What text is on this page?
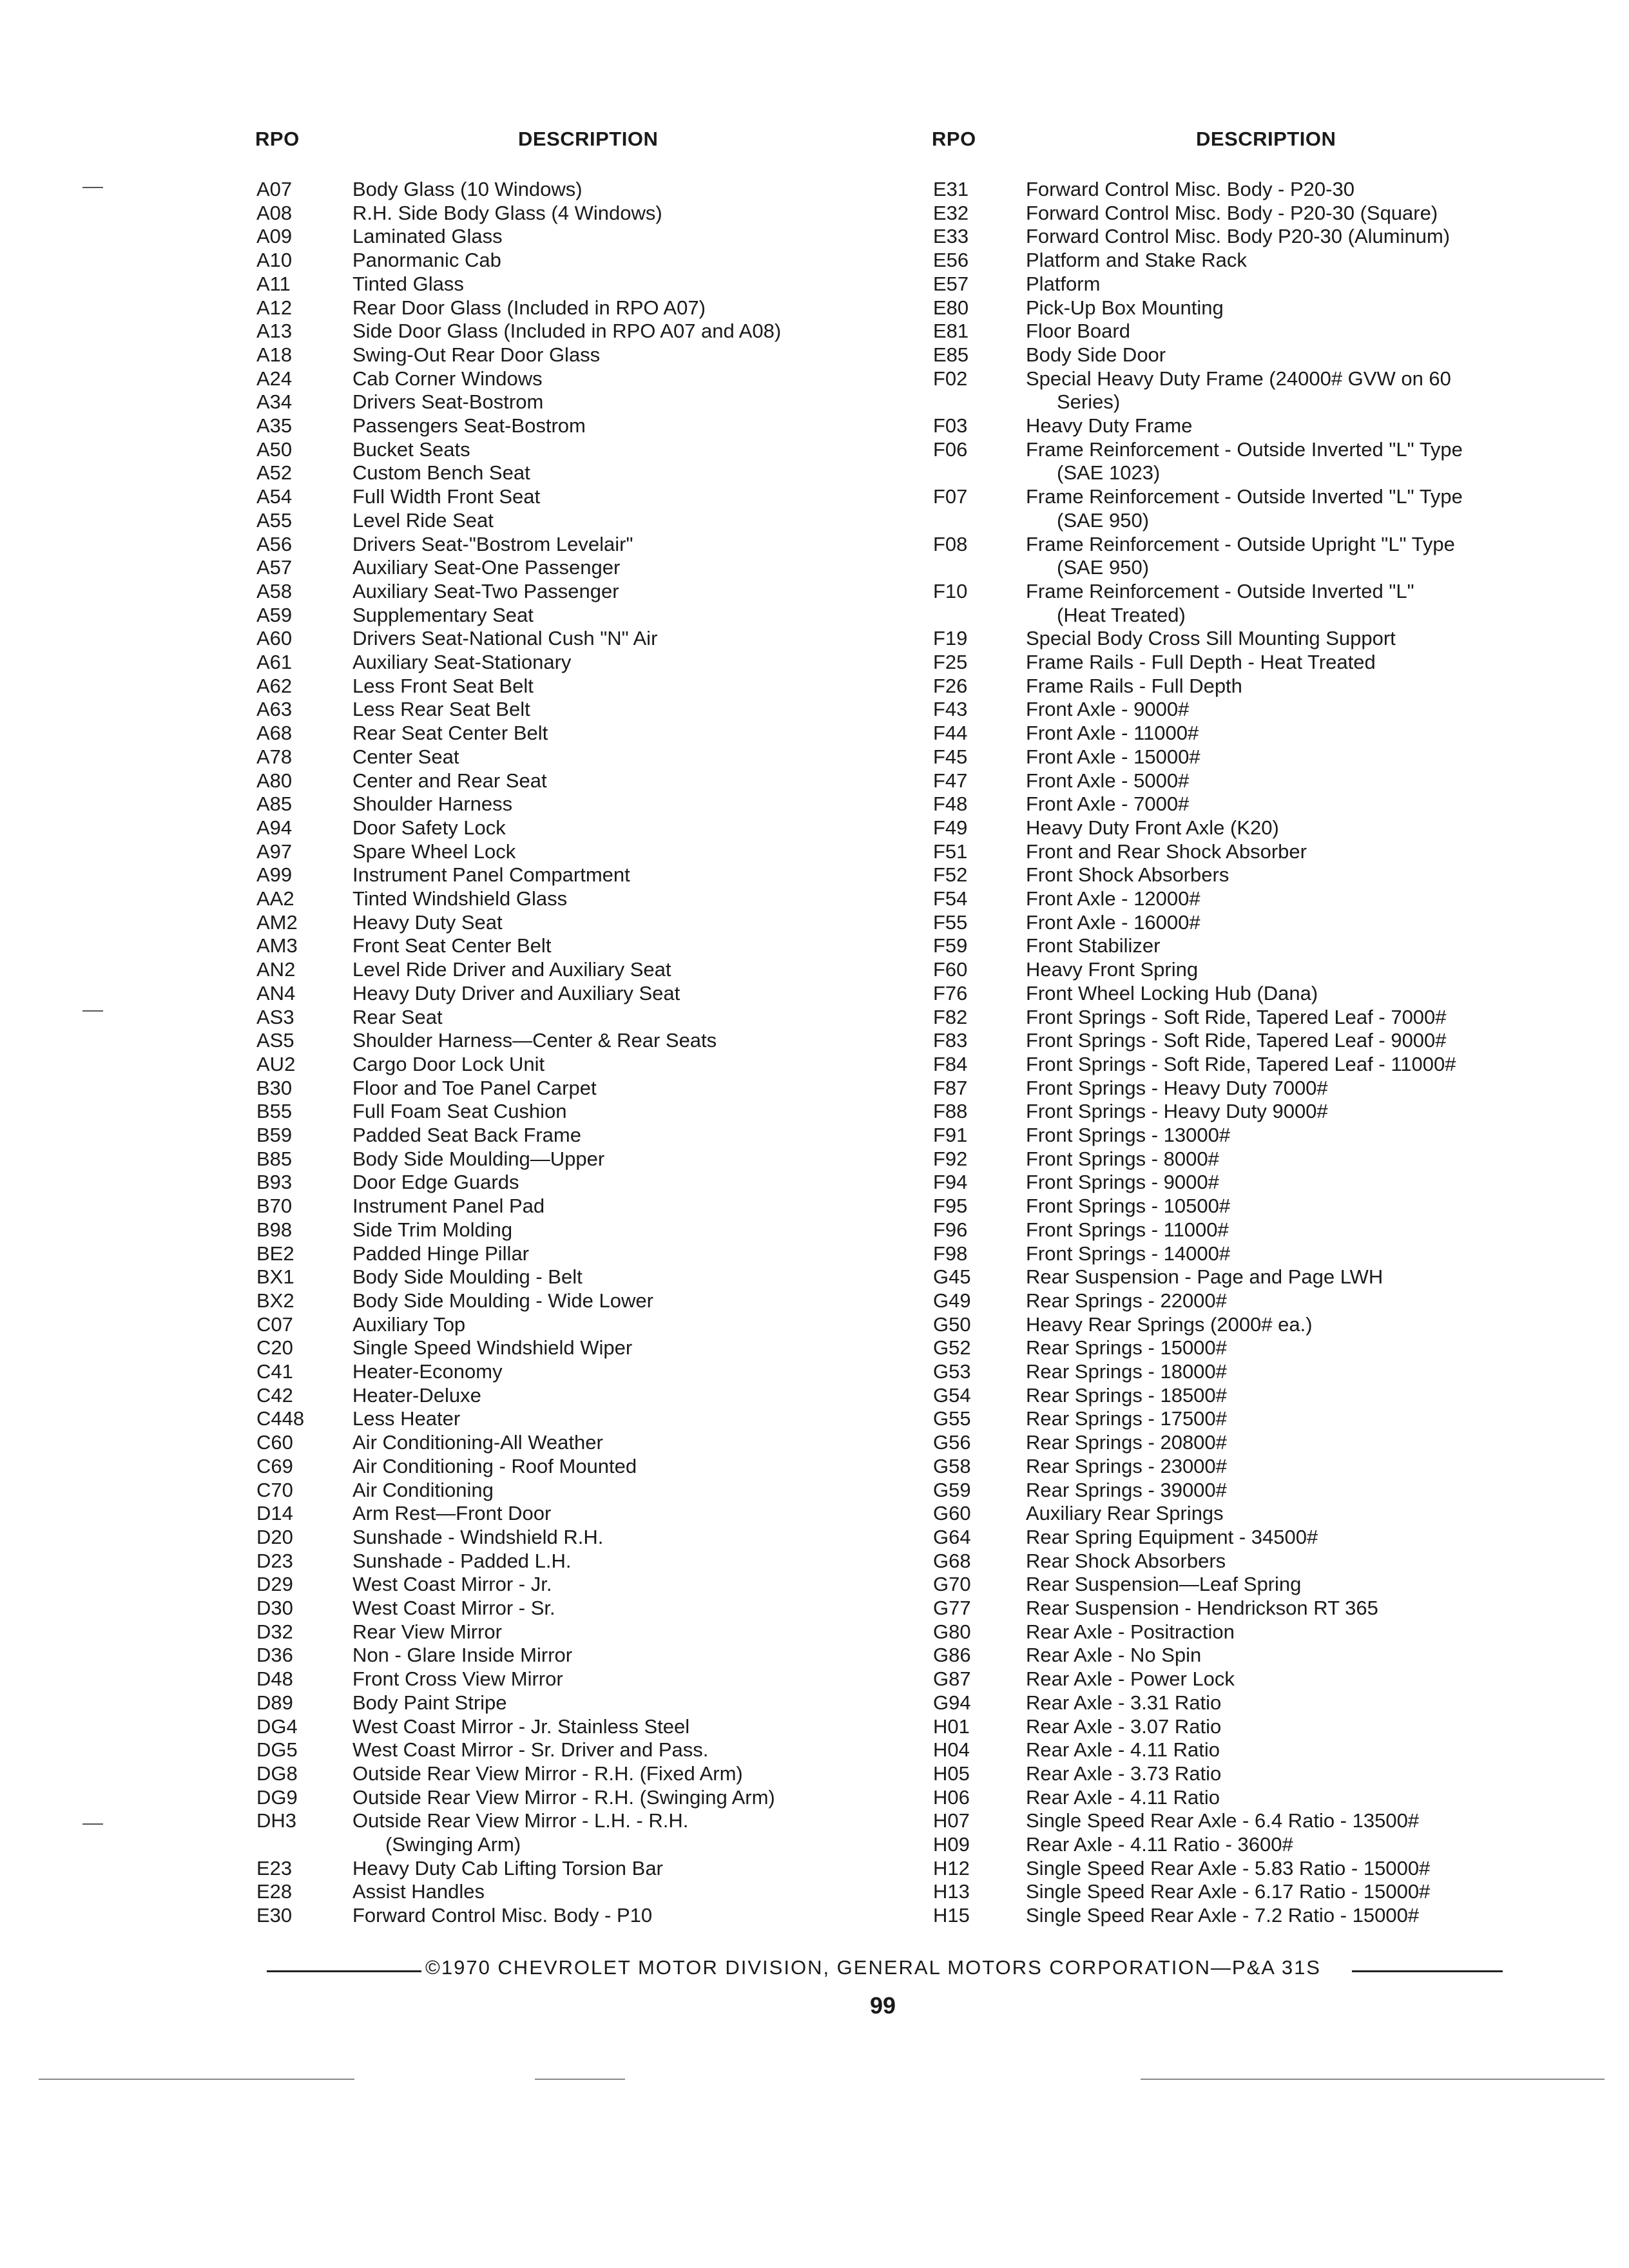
RPO	DESCRIPTION	RPO	DESCRIPTION
A07	Body Glass (10 Windows)
A08	R.H. Side Body Glass (4 Windows)
A09	Laminated Glass
A10	Panormanic Cab
A11	Tinted Glass
A12	Rear Door Glass (Included in RPO A07)
A13	Side Door Glass (Included in RPO A07 and A08)
A18	Swing-Out Rear Door Glass
A24	Cab Corner Windows
A34	Drivers Seat-Bostrom
A35	Passengers Seat-Bostrom
A50	Bucket Seats
A52	Custom Bench Seat
A54	Full Width Front Seat
A55	Level Ride Seat
A56	Drivers Seat-"Bostrom Levelair"
A57	Auxiliary Seat-One Passenger
A58	Auxiliary Seat-Two Passenger
A59	Supplementary Seat
A60	Drivers Seat-National Cush "N" Air
A61	Auxiliary Seat-Stationary
A62	Less Front Seat Belt
A63	Less Rear Seat Belt
A68	Rear Seat Center Belt
A78	Center Seat
A80	Center and Rear Seat
A85	Shoulder Harness
A94	Door Safety Lock
A97	Spare Wheel Lock
A99	Instrument Panel Compartment
AA2	Tinted Windshield Glass
AM2	Heavy Duty Seat
AM3	Front Seat Center Belt
AN2	Level Ride Driver and Auxiliary Seat
AN4	Heavy Duty Driver and Auxiliary Seat
AS3	Rear Seat
AS5	Shoulder Harness—Center & Rear Seats
AU2	Cargo Door Lock Unit
B30	Floor and Toe Panel Carpet
B55	Full Foam Seat Cushion
B59	Padded Seat Back Frame
B85	Body Side Moulding—Upper
B93	Door Edge Guards
B70	Instrument Panel Pad
B98	Side Trim Molding
BE2	Padded Hinge Pillar
BX1	Body Side Moulding - Belt
BX2	Body Side Moulding - Wide Lower
C07	Auxiliary Top
C20	Single Speed Windshield Wiper
C41	Heater-Economy
C42	Heater-Deluxe
C448 Less Heater
C60	Air Conditioning-All Weather
C69	Air Conditioning - Roof Mounted
C70	Air Conditioning
D14	Arm Rest—Front Door
D20	Sunshade - Windshield R.H.
D23	Sunshade - Padded L.H.
D29	West Coast Mirror - Jr.
D30	West Coast Mirror - Sr.
D32	Rear View Mirror
D36	Non - Glare Inside Mirror
D48	Front Cross View Mirror
D89	Body Paint Stripe
DG4	West Coast Mirror - Jr. Stainless Steel
DG5	West Coast Mirror - Sr. Driver and Pass.
DG8	Outside Rear View Mirror - R.H. (Fixed Arm)
DG9	Outside Rear View Mirror - R.H. (Swinging Arm)
DH3	Outside Rear View Mirror - L.H. - R.H.
(Swinging Arm)
E23	Heavy Duty Cab Lifting Torsion Bar
E28	Assist Handles
E30	Forward Control Misc. Body - P10
E31	Forward Control Misc. Body - P20-30
E32	Forward Control Misc. Body - P20-30 (Square)
E33	Forward Control Misc. Body P20-30 (Aluminum)
E56	Platform and Stake Rack
E57	Platform
E80	Pick-Up Box Mounting
E81	Floor Board
E85	Body Side Door
F02	Special Heavy Duty Frame (24000# GVW on 60
Series)
F03	Heavy Duty Frame
F06	Frame Reinforcement - Outside Inverted "L" Type
(SAE 1023)
F07	Frame Reinforcement - Outside Inverted "L" Type
(SAE 950)
F08	Frame Reinforcement - Outside Upright "L" Type
(SAE 950)
F10	Frame Reinforcement - Outside Inverted "L"
(Heat Treated)
F19	Special Body Cross Sill Mounting Support
F25	Frame Rails - Full Depth - Heat Treated
F26	Frame Rails - Full Depth
F43	Front Axle - 9000#
F44	Front Axle - 11000#
F45	Front Axle - 15000#
F47	Front Axle - 5000#
F48	Front Axle - 7000#
F49	Heavy Duty Front Axle (K20)
F51	Front and Rear Shock Absorber
F52	Front Shock Absorbers
F54	Front Axle - 12000#
F55	Front Axle - 16000#
F59	Front Stabilizer
F60	Heavy Front Spring
F76	Front Wheel Locking Hub (Dana)
F82	Front Springs - Soft Ride, Tapered Leaf - 7000#
F83	Front Springs - Soft Ride, Tapered Leaf - 9000#
F84	Front Springs - Soft Ride, Tapered Leaf - 11000#
F87	Front Springs - Heavy Duty 7000#
F88	Front Springs - Heavy Duty 9000#
F91	Front Springs - 13000#
F92	Front Springs - 8000#
F94	Front Springs - 9000#
F95	Front Springs - 10500#
F96	Front Springs - 11000#
F98	Front Springs - 14000#
G45	Rear Suspension - Page and Page LWH
G49	Rear Springs - 22000#
G50	Heavy Rear Springs (2000# ea.)
G52	Rear Springs - 15000#
G53	Rear Springs - 18000#
G54	Rear Springs - 18500#
G55	Rear Springs - 17500#
G56	Rear Springs - 20800#
G58	Rear Springs - 23000#
G59	Rear Springs - 39000#
G60	Auxiliary Rear Springs
G64	Rear Spring Equipment - 34500#
G68	Rear Shock Absorbers
G70	Rear Suspension—Leaf Spring
G77	Rear Suspension - Hendrickson RT 365
G80	Rear Axle - Positraction
G86	Rear Axle - No Spin
G87	Rear Axle - Power Lock
G94	Rear Axle - 3.31 Ratio
H01	Rear Axle - 3.07 Ratio
H04	Rear Axle - 4.11 Ratio
H05	Rear Axle - 3.73 Ratio
H06	Rear Axle - 4.11 Ratio
H07	Single Speed Rear Axle - 6.4 Ratio - 13500#
H09	Rear Axle - 4.11 Ratio - 3600#
H12	Single Speed Rear Axle - 5.83 Ratio - 15000#
H13	Single Speed Rear Axle - 6.17 Ratio - 15000#
H15	Single Speed Rear Axle - 7.2 Ratio - 15000#
©1970 CHEVROLET MOTOR DIVISION, GENERAL MOTORS CORPORATION—P&A 31S
99
